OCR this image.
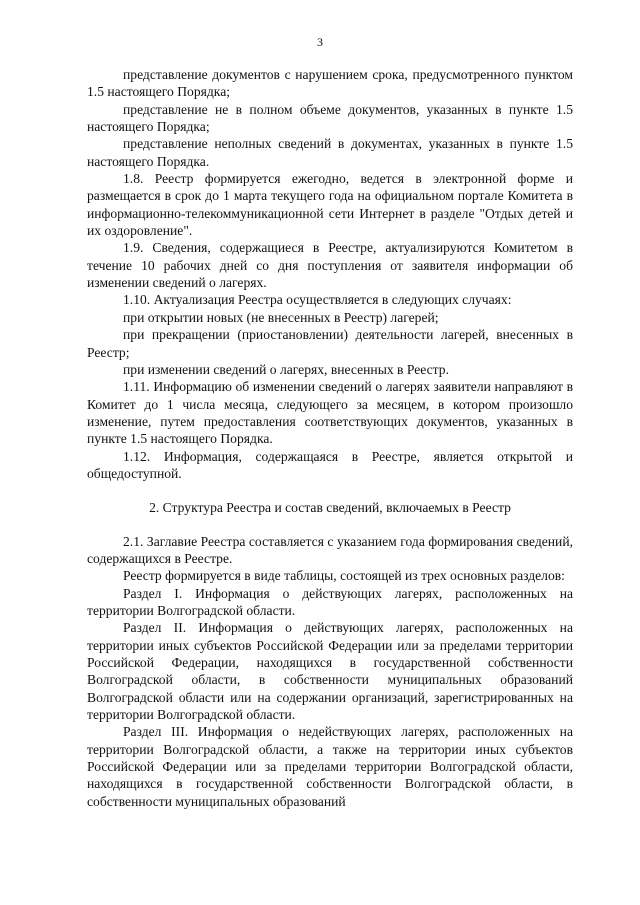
3

представление документов с нарушением срока, предусмотренного пунктом 1.5 настоящего Порядка;

представление не в полном объеме документов, указанных в пункте 1.5 настоящего Порядка;

представление неполных сведений в документах, указанных в пункте 1.5 настоящего Порядка.

1.8. Реестр формируется ежегодно, ведется в электронной форме и размещается в срок до 1 марта текущего года на официальном портале Комитета в информационно-телекоммуникационной сети Интернет в разделе "Отдых детей и их оздоровление".

1.9. Сведения, содержащиеся в Реестре, актуализируются Комитетом в течение 10 рабочих дней со дня поступления от заявителя информации об изменении сведений о лагерях.

1.10. Актуализация Реестра осуществляется в следующих случаях:

при открытии новых (не внесенных в Реестр) лагерей;

при прекращении (приостановлении) деятельности лагерей, внесенных в Реестр;

при изменении сведений о лагерях, внесенных в Реестр.

1.11. Информацию об изменении сведений о лагерях заявители направляют в Комитет до 1 числа месяца, следующего за месяцем, в котором произошло изменение, путем предоставления соответствующих документов, указанных в пункте 1.5 настоящего Порядка.

1.12. Информация, содержащаяся в Реестре, является открытой и общедоступной.

2. Структура Реестра и состав сведений, включаемых в Реестр

2.1. Заглавие Реестра составляется с указанием года формирования сведений, содержащихся в Реестре.

Реестр формируется в виде таблицы, состоящей из трех основных разделов:

Раздел I. Информация о действующих лагерях, расположенных на территории Волгоградской области.

Раздел II. Информация о действующих лагерях, расположенных на территории иных субъектов Российской Федерации или за пределами территории Российской Федерации, находящихся в государственной собственности Волгоградской области, в собственности муниципальных образований Волгоградской области или на содержании организаций, зарегистрированных на территории Волгоградской области.

Раздел III. Информация о недействующих лагерях, расположенных на территории Волгоградской области, а также на территории иных субъектов Российской Федерации или за пределами территории Волгоградской области, находящихся в государственной собственности Волгоградской области, в собственности муниципальных образований
